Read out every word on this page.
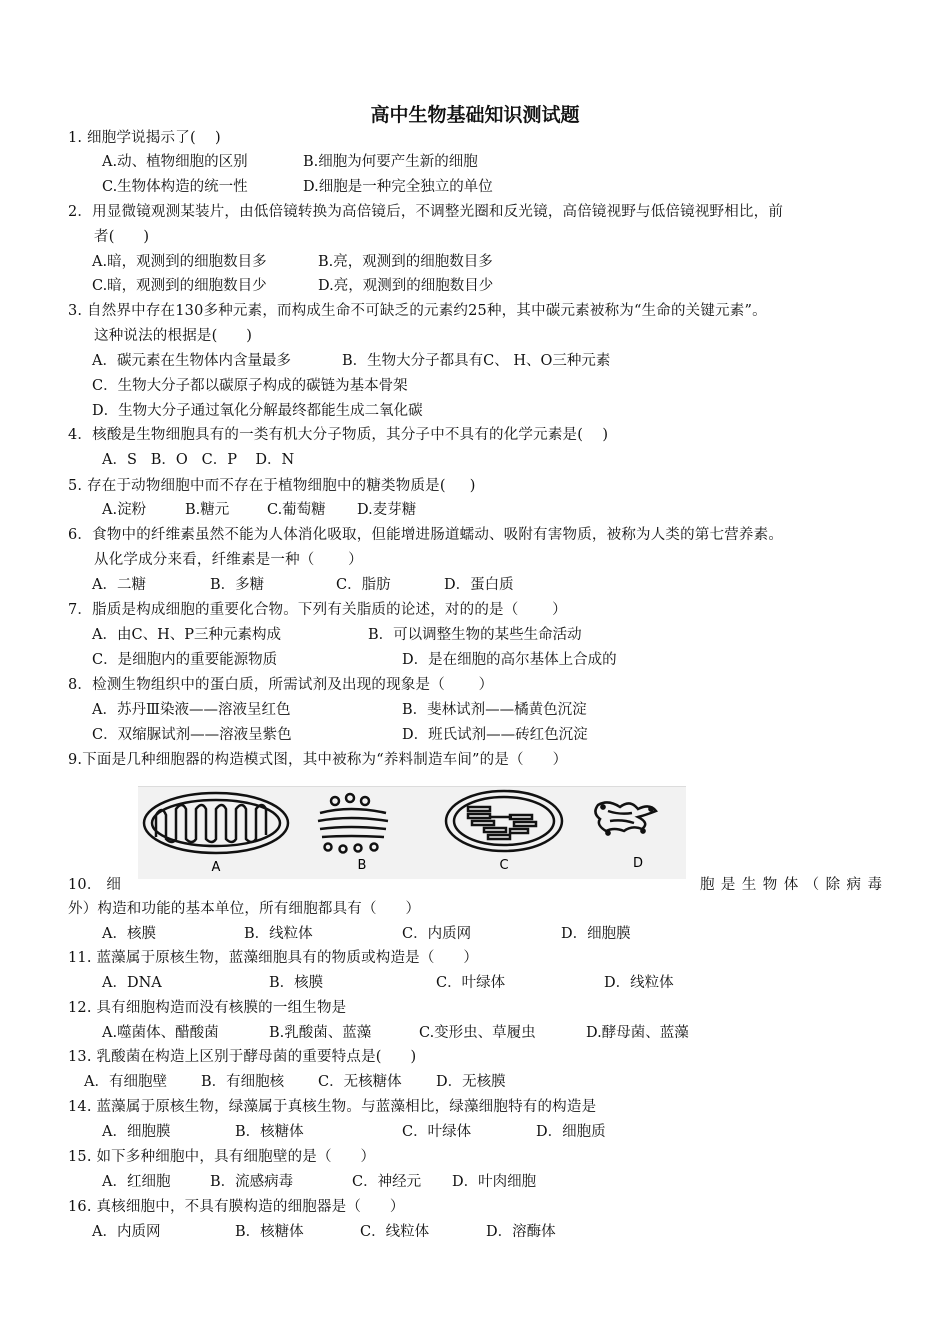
高中生物基础知识测试题
1. 细胞学说揭示了(    )
A.动、植物细胞的区别	B.细胞为何要产生新的细胞
C.生物体构造的统一性	D.细胞是一种完全独立的单位
2．用显微镜观测某装片，由低倍镜转换为高倍镜后，不调整光圈和反光镜，高倍镜视野与低倍镜视野相比，前
者(      )
A.暗，观测到的细胞数目多	B.亮，观测到的细胞数目多
C.暗，观测到的细胞数目少	D.亮，观测到的细胞数目少
3. 自然界中存在130多种元素，而构成生命不可缺乏的元素约25种，其中碳元素被称为“生命的关键元素”。
这种说法的根据是(      )
A．碳元素在生物体内含量最多	B．生物大分子都具有C、 H、O三种元素
C．生物大分子都以碳原子构成的碳链为基本骨架
D．生物大分子通过氧化分解最终都能生成二氧化碳
4．核酸是生物细胞具有的一类有机大分子物质，其分子中不具有的化学元素是(    )
A．S   B．O   C．P    D．N
5. 存在于动物细胞中而不存在于植物细胞中的糖类物质是(     )
A.淀粉	B.糖元	C.葡萄糖 D.麦芽糖
6．食物中的纤维素虽然不能为人体消化吸取，但能增进肠道蠕动、吸附有害物质，被称为人类的第七营养素。
从化学成分来看，纤维素是一种（       ）
A．二糖	B．多糖	C．脂肪	D．蛋白质
7．脂质是构成细胞的重要化合物。下列有关脂质的论述，对的的是（       ）
A．由C、H、P三种元素构成	B．可以调整生物的某些生命活动
C．是细胞内的重要能源物质	D．是在细胞的高尔基体上合成的
8．检测生物组织中的蛋白质，所需试剂及出现的现象是（       ）
A．苏丹Ⅲ染液——溶液呈红色	B．斐林试剂——橘黄色沉淀
C．双缩脲试剂——溶液呈紫色	D．班氏试剂——砖红色沉淀
9.下面是几种细胞器的构造模式图，其中被称为“养料制造车间”的是（      ）
A	B	C	D
10． 细	胞是生物体（除病毒
外）构造和功能的基本单位，所有细胞都具有（      ）
A．核膜	B．线粒体	C．内质网	D．细胞膜
11. 蓝藻属于原核生物，蓝藻细胞具有的物质或构造是（      ）
A．DNA	B．核膜	C．叶绿体	D．线粒体
12. 具有细胞构造而没有核膜的一组生物是
A.噬菌体、醋酸菌	B.乳酸菌、蓝藻	C.变形虫、草履虫	D.酵母菌、蓝藻
13. 乳酸菌在构造上区别于酵母菌的重要特点是(      )
A．有细胞壁 B．有细胞核 C．无核糖体 D．无核膜
14. 蓝藻属于原核生物，绿藻属于真核生物。与蓝藻相比，绿藻细胞特有的构造是
A．细胞膜	B．核糖体	C．叶绿体	D．细胞质
15. 如下多种细胞中，具有细胞壁的是（      ）
A．红细胞	B．流感病毒	C．神经元 D．叶肉细胞
16. 真核细胞中，不具有膜构造的细胞器是（      ）
A．内质网	B．核糖体	C．线粒体	D．溶酶体
